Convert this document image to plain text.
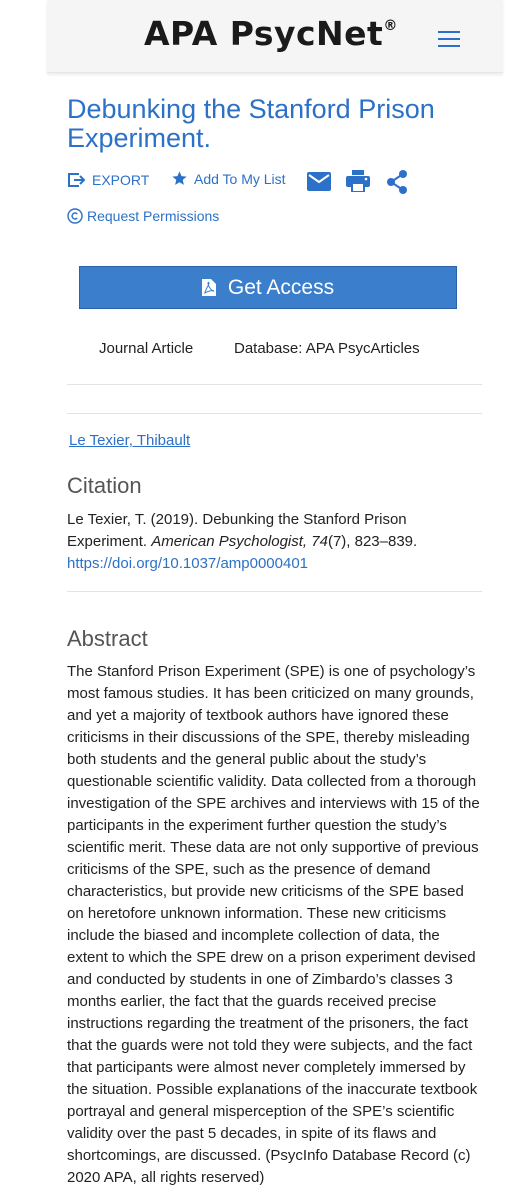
APA PsycNet®
Debunking the Stanford Prison Experiment.
EXPORT	Add To My List
Request Permissions
Get Access
Journal Article	Database: APA PsycArticles
Le Texier, Thibault
Citation
Le Texier, T. (2019). Debunking the Stanford Prison Experiment. American Psychologist, 74(7), 823–839.
https://doi.org/10.1037/amp0000401
Abstract

The Stanford Prison Experiment (SPE) is one of psychology’s most famous studies. It has been criticized on many grounds, and yet a majority of textbook authors have ignored these criticisms in their discussions of the SPE, thereby misleading both students and the general public about the study’s questionable scientific validity. Data collected from a thorough investigation of the SPE archives and interviews with 15 of the participants in the experiment further question the study’s scientific merit. These data are not only supportive of previous criticisms of the SPE, such as the presence of demand characteristics, but provide new criticisms of the SPE based on heretofore unknown information. These new criticisms include the biased and incomplete collection of data, the extent to which the SPE drew on a prison experiment devised and conducted by students in one of Zimbardo’s classes 3 months earlier, the fact that the guards received precise instructions regarding the treatment of the prisoners, the fact that the guards were not told they were subjects, and the fact that participants were almost never completely immersed by the situation. Possible explanations of the inaccurate textbook portrayal and general misperception of the SPE’s scientific validity over the past 5 decades, in spite of its flaws and shortcomings, are discussed. (PsycInfo Database Record (c) 2020 APA, all rights reserved)
